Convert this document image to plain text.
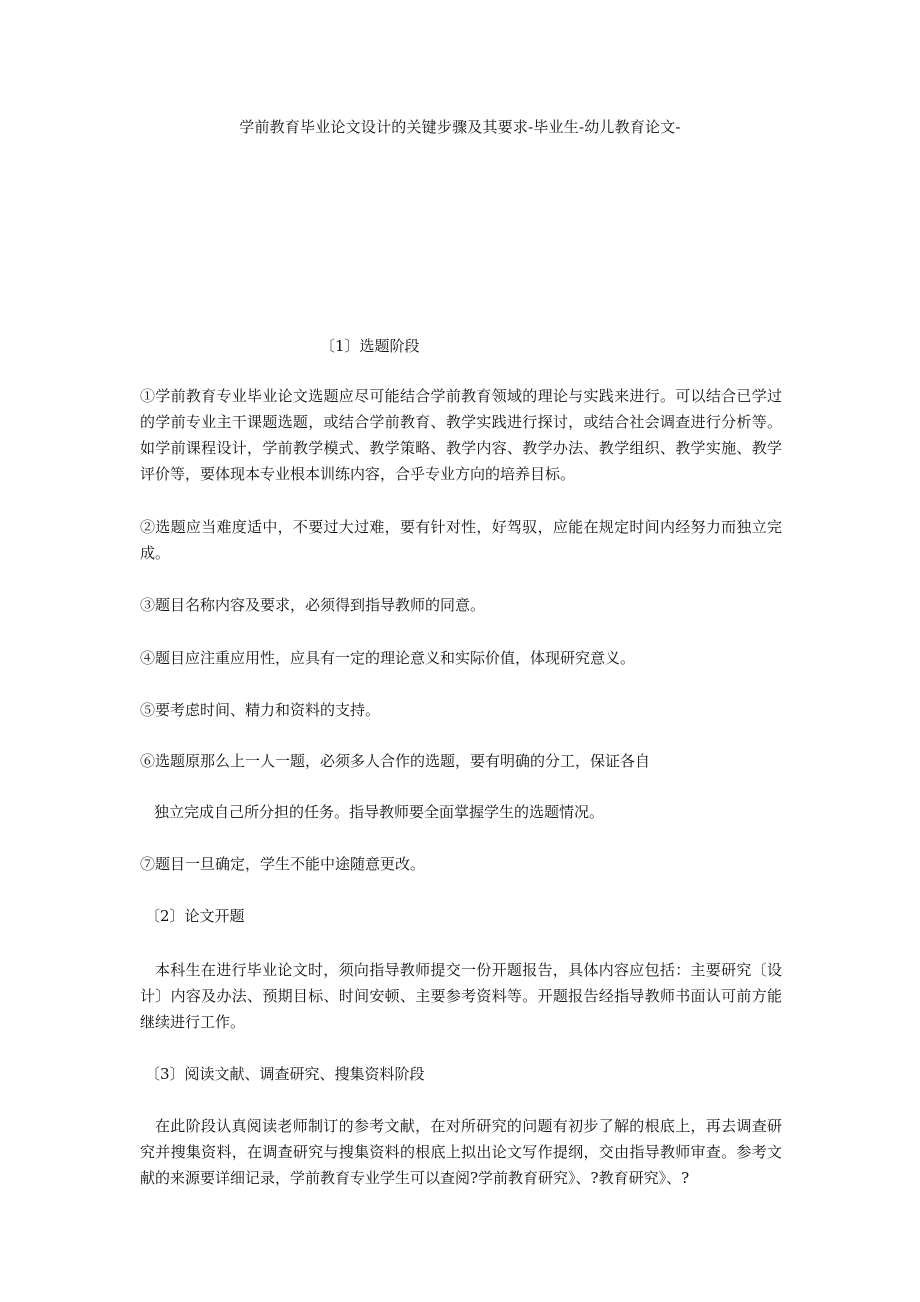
学前教育毕业论文设计的关键步骤及其要求-毕业生-幼儿教育论文-
〔1〕选题阶段
①学前教育专业毕业论文选题应尽可能结合学前教育领域的理论与实践来进行。可以结合已学过的学前专业主干课题选题，或结合学前教育、教学实践进行探讨，或结合社会调查进行分析等。如学前课程设计，学前教学模式、教学策略、教学内容、教学办法、教学组织、教学实施、教学评价等，要体现本专业根本训练内容，合乎专业方向的培养目标。
②选题应当难度适中，不要过大过难，要有针对性，好驾驭，应能在规定时间内经努力而独立完成。
③题目名称内容及要求，必须得到指导教师的同意。
④题目应注重应用性，应具有一定的理论意义和实际价值，体现研究意义。
⑤要考虑时间、精力和资料的支持。
⑥选题原那么上一人一题，必须多人合作的选题，要有明确的分工，保证各自
独立完成自己所分担的任务。指导教师要全面掌握学生的选题情况。
⑦题目一旦确定，学生不能中途随意更改。
〔2〕论文开题
本科生在进行毕业论文时，须向指导教师提交一份开题报告，具体内容应包括：主要研究〔设计〕内容及办法、预期目标、时间安顿、主要参考资料等。开题报告经指导教师书面认可前方能继续进行工作。
〔3〕阅读文献、调查研究、搜集资料阶段
在此阶段认真阅读老师制订的参考文献，在对所研究的问题有初步了解的根底上，再去调查研究并搜集资料，在调查研究与搜集资料的根底上拟出论文写作提纲，交由指导教师审查。参考文献的来源要详细记录，学前教育专业学生可以查阅?学前教育研究》、?教育研究》、?
